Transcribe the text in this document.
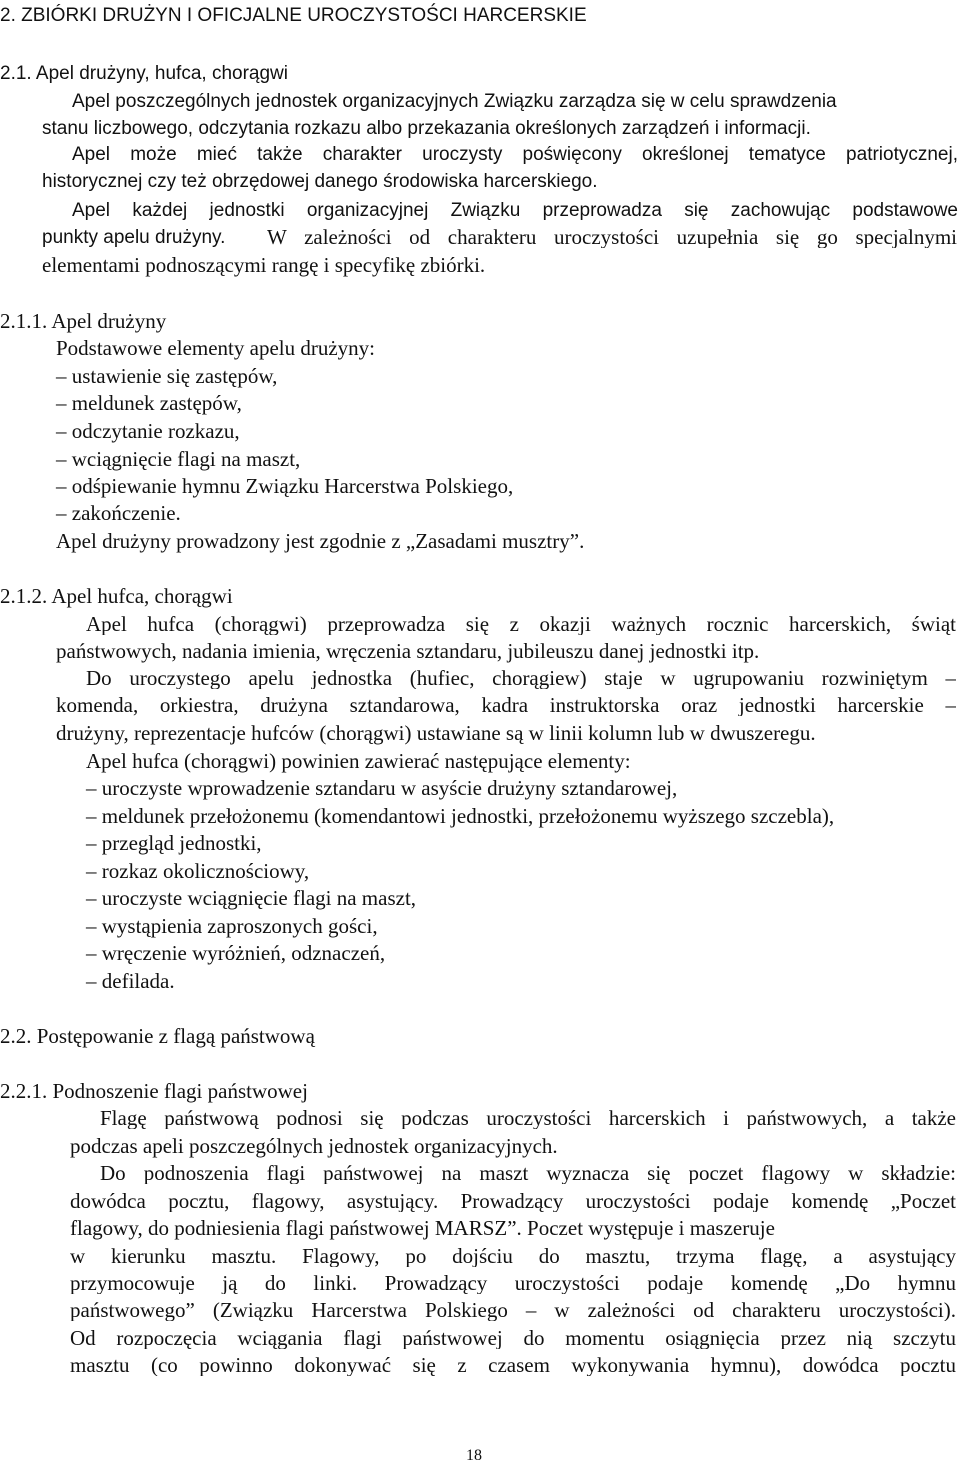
2. ZBIÓRKI DRUŻYN I OFICJALNE UROCZYSTOŚCI HARCERSKIE
2.1. Apel drużyny, hufca, chorągwi
Apel poszczególnych jednostek organizacyjnych Związku zarządza się w celu sprawdzenia
stanu liczbowego, odczytania rozkazu albo przekazania określonych zarządzeń i informacji.
Apel może mieć także charakter uroczysty poświęcony określonej tematyce patriotycznej,
historycznej czy też obrzędowej danego środowiska harcerskiego.
Apel każdej jednostki organizacyjnej Związku przeprowadza się zachowując podstawowe
punkty apelu drużyny. W zależności od charakteru uroczystości uzupełnia się go specjalnymi
elementami podnoszącymi rangę i specyfikę zbiórki.
2.1.1. Apel drużyny
Podstawowe elementy apelu drużyny:
– ustawienie się zastępów,
– meldunek zastępów,
– odczytanie rozkazu,
– wciągnięcie flagi na maszt,
– odśpiewanie hymnu Związku Harcerstwa Polskiego,
– zakończenie.
Apel drużyny prowadzony jest zgodnie z „Zasadami musztry”.
2.1.2. Apel hufca, chorągwi
Apel hufca (chorągwi) przeprowadza się z okazji ważnych rocznic harcerskich, świąt
państwowych, nadania imienia, wręczenia sztandaru, jubileuszu danej jednostki itp.
Do uroczystego apelu jednostka (hufiec, chorągiew) staje w ugrupowaniu rozwiniętym –
komenda, orkiestra, drużyna sztandarowa, kadra instruktorska oraz jednostki harcerskie –
drużyny, reprezentacje hufców (chorągwi) ustawiane są w linii kolumn lub w dwuszeregu.
Apel hufca (chorągwi) powinien zawierać następujące elementy:
– uroczyste wprowadzenie sztandaru w asyście drużyny sztandarowej,
– meldunek przełożonemu (komendantowi jednostki, przełożonemu wyższego szczebla),
– przegląd jednostki,
– rozkaz okolicznościowy,
– uroczyste wciągnięcie flagi na maszt,
– wystąpienia zaproszonych gości,
– wręczenie wyróżnień, odznaczeń,
– defilada.
2.2. Postępowanie z flagą państwową
2.2.1. Podnoszenie flagi państwowej
Flagę państwową podnosi się podczas uroczystości harcerskich i państwowych, a także
podczas apeli poszczególnych jednostek organizacyjnych.
Do podnoszenia flagi państwowej na maszt wyznacza się poczet flagowy w składzie:
dowódca pocztu, flagowy, asystujący. Prowadzący uroczystości podaje komendę „Poczet
flagowy, do podniesienia flagi państwowej MARSZ”. Poczet występuje i maszeruje
w kierunku masztu. Flagowy, po dojściu do masztu, trzyma flagę, a asystujący
przymocowuje ją do linki. Prowadzący uroczystości podaje komendę „Do hymnu
państwowego” (Związku Harcerstwa Polskiego – w zależności od charakteru uroczystości).
Od rozpoczęcia wciągania flagi państwowej do momentu osiągnięcia przez nią szczytu
masztu (co powinno dokonywać się z czasem wykonywania hymnu), dowódca pocztu
18
